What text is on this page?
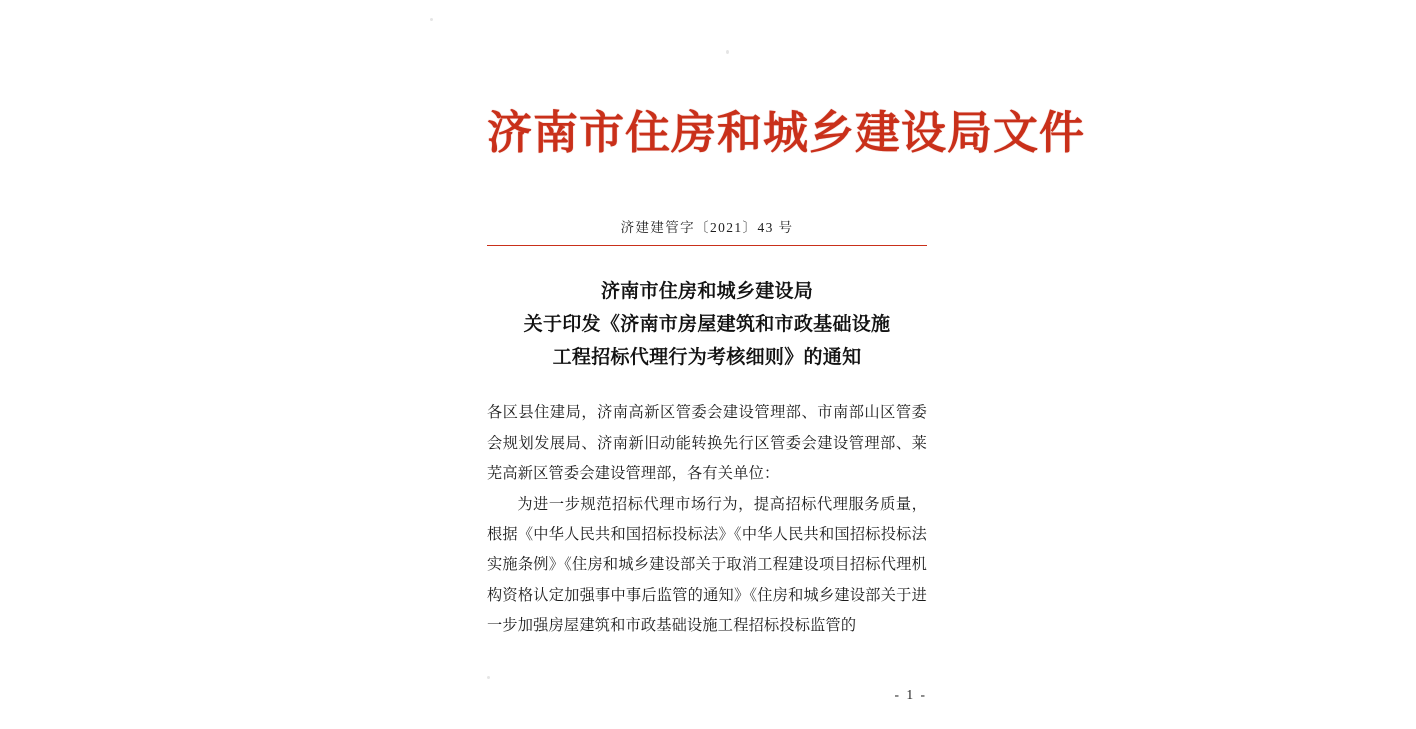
济南市住房和城乡建设局文件
济建建管字〔2021〕43 号
济南市住房和城乡建设局
关于印发《济南市房屋建筑和市政基础设施
工程招标代理行为考核细则》的通知

各区县住建局，济南高新区管委会建设管理部、市南部山区管委会规划发展局、济南新旧动能转换先行区管委会建设管理部、莱芜高新区管委会建设管理部，各有关单位：

为进一步规范招标代理市场行为，提高招标代理服务质量，根据《中华人民共和国招标投标法》《中华人民共和国招标投标法实施条例》《住房和城乡建设部关于取消工程建设项目招标代理机构资格认定加强事中事后监管的通知》《住房和城乡建设部关于进一步加强房屋建筑和市政基础设施工程招标投标监管的

- 1 -
